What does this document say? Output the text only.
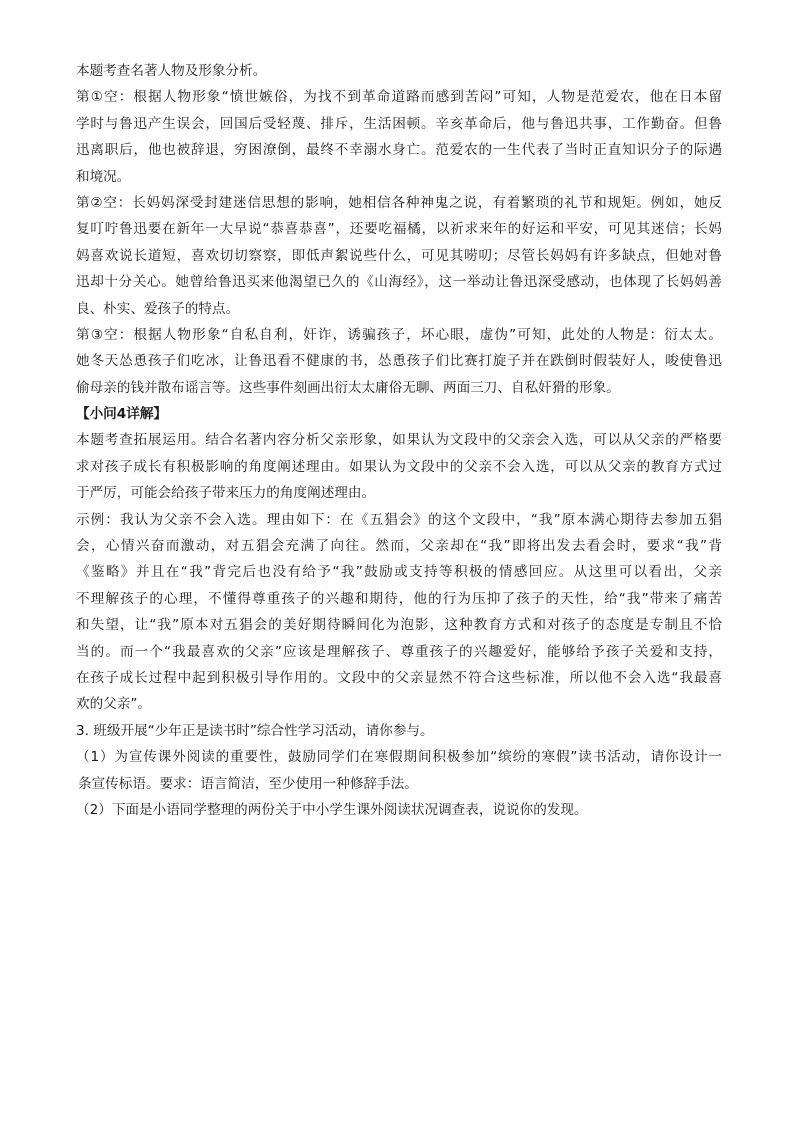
本题考查名著人物及形象分析。
第①空：根据人物形象“愤世嫉俗，为找不到革命道路而感到苦闷”可知，人物是范爱农，他在日本留
学时与鲁迅产生误会，回国后受轻蔑、排斥，生活困顿。辛亥革命后，他与鲁迅共事，工作勤奋。但鲁
迅离职后，他也被辞退，穷困潦倒，最终不幸溺水身亡。范爱农的一生代表了当时正直知识分子的际遇
和境况。
第②空：长妈妈深受封建迷信思想的影响，她相信各种神鬼之说，有着繁琐的礼节和规矩。例如，她反
复叮咛鲁迅要在新年一大早说“恭喜恭喜”，还要吃福橘，以祈求来年的好运和平安，可见其迷信；长妈
妈喜欢说长道短，喜欢切切察察，即低声絮说些什么，可见其唠叨；尽管长妈妈有许多缺点，但她对鲁
迅却十分关心。她曾给鲁迅买来他渴望已久的《山海经》，这一举动让鲁迅深受感动，也体现了长妈妈善
良、朴实、爱孩子的特点。
第③空：根据人物形象“自私自利，奸诈，诱骗孩子，坏心眼，虚伪”可知，此处的人物是：衍太太。
她冬天怂恿孩子们吃冰，让鲁迅看不健康的书，怂恿孩子们比赛打旋子并在跌倒时假装好人，唆使鲁迅
偷母亲的钱并散布谣言等。这些事件刻画出衍太太庸俗无聊、两面三刀、自私奸猾的形象。
【小问4详解】
本题考查拓展运用。结合名著内容分析父亲形象，如果认为文段中的父亲会入选，可以从父亲的严格要
求对孩子成长有积极影响的角度阐述理由。如果认为文段中的父亲不会入选，可以从父亲的教育方式过
于严厉，可能会给孩子带来压力的角度阐述理由。
示例：我认为父亲不会入选。理由如下：在《五猖会》的这个文段中，“我”原本满心期待去参加五猖
会，心情兴奋而激动，对五猖会充满了向往。然而，父亲却在“我”即将出发去看会时，要求“我”背
《鉴略》并且在“我”背完后也没有给予“我”鼓励或支持等积极的情感回应。从这里可以看出，父亲
不理解孩子的心理，不懂得尊重孩子的兴趣和期待，他的行为压抑了孩子的天性，给“我”带来了痛苦
和失望，让“我”原本对五猖会的美好期待瞬间化为泡影，这种教育方式和对孩子的态度是专制且不恰
当的。而一个“我最喜欢的父亲”应该是理解孩子、尊重孩子的兴趣爱好，能够给予孩子关爱和支持，
在孩子成长过程中起到积极引导作用的。文段中的父亲显然不符合这些标准，所以他不会入选“我最喜
欢的父亲”。
3. 班级开展“少年正是读书时”综合性学习活动，请你参与。
（1）为宣传课外阅读的重要性，鼓励同学们在寒假期间积极参加“缤纷的寒假”读书活动，请你设计一
条宣传标语。要求：语言简洁，至少使用一种修辞手法。
（2）下面是小语同学整理的两份关于中小学生课外阅读状况调查表，说说你的发现。
